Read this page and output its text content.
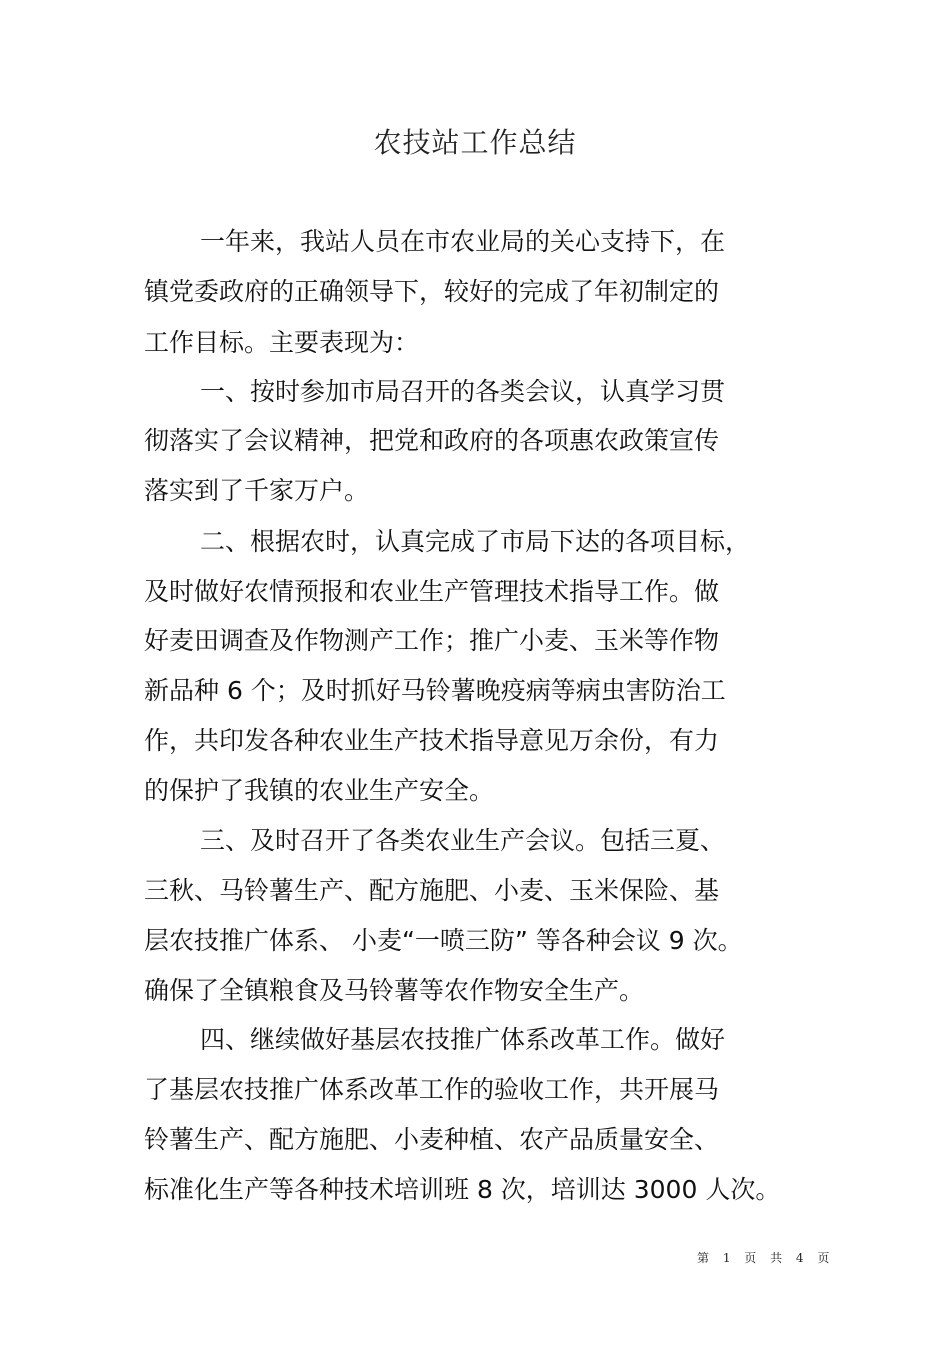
农技站工作总结
一年来，我站人员在市农业局的关心支持下，在
镇党委政府的正确领导下，较好的完成了年初制定的
工作目标。主要表现为：
一、按时参加市局召开的各类会议，认真学习贯
彻落实了会议精神，把党和政府的各项惠农政策宣传
落实到了千家万户。
二、根据农时，认真完成了市局下达的各项目标，
及时做好农情预报和农业生产管理技术指导工作。做
好麦田调查及作物测产工作；推广小麦、玉米等作物
新品种 6 个；及时抓好马铃薯晚疫病等病虫害防治工
作，共印发各种农业生产技术指导意见万余份，有力
的保护了我镇的农业生产安全。
三、及时召开了各类农业生产会议。包括三夏、
三秋、马铃薯生产、配方施肥、小麦、玉米保险、基
层农技推广体系、 小麦“一喷三防” 等各种会议 9 次。
确保了全镇粮食及马铃薯等农作物安全生产。
四、继续做好基层农技推广体系改革工作。做好
了基层农技推广体系改革工作的验收工作，共开展马
铃薯生产、配方施肥、小麦种植、农产品质量安全、
标准化生产等各种技术培训班 8 次，培训达 3000 人次。
第 1 页 共 4 页
